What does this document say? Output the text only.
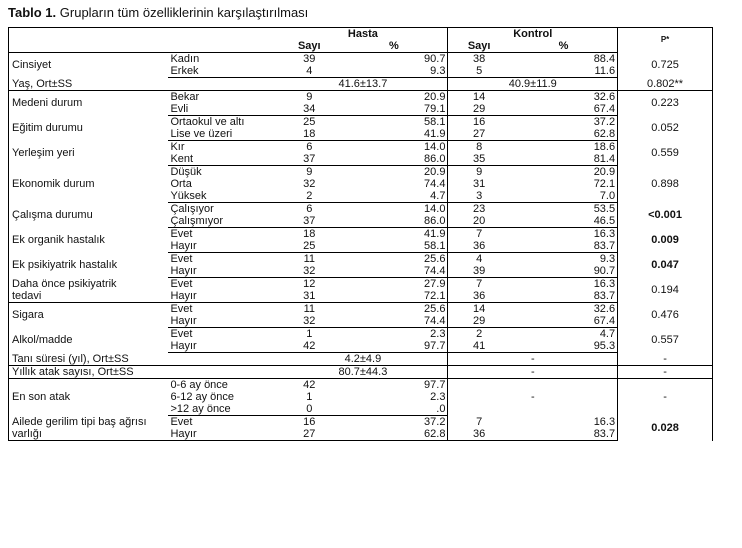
Tablo 1. Grupların tüm özelliklerinin karşılaştırılması
		Hasta		Kontrol		P*
		Sayı	%	Sayı	%	
Cinsiyet	Kadın	39	90.7	38	88.4	0.725
	Erkek	4	9.3	5	11.6	
Yaş, Ort±SS		41.6±13.7		40.9±11.9		0.802**
Medeni durum	Bekar	9	20.9	14	32.6	0.223
	Evli	34	79.1	29	67.4	
Eğitim durumu	Ortaokul ve altı	25	58.1	16	37.2	0.052
	Lise ve üzeri	18	41.9	27	62.8	
Yerleşim yeri	Kır	6	14.0	8	18.6	0.559
	Kent	37	86.0	35	81.4	
Ekonomik durum	Düşük	9	20.9	9	20.9	0.898
	Orta	32	74.4	31	72.1	
	Yüksek	2	4.7	3	7.0	
Çalışma durumu	Çalışıyor	6	14.0	23	53.5	<0.001
	Çalışmıyor	37	86.0	20	46.5	
Ek organik hastalık	Evet	18	41.9	7	16.3	0.009
	Hayır	25	58.1	36	83.7	
Ek psikiyatrik hastalık	Evet	11	25.6	4	9.3	0.047
	Hayır	32	74.4	39	90.7	
Daha önce psikiyatrik	Evet	12	27.9	7	16.3	0.194
tedavi	Hayır	31	72.1	36	83.7	
Sigara	Evet	11	25.6	14	32.6	0.476
	Hayır	32	74.4	29	67.4	
Alkol/madde	Evet	1	2.3	2	4.7	0.557
	Hayır	42	97.7	41	95.3	
Tanı süresi (yıl), Ort±SS		4.2±4.9		-		-
Yıllık atak sayısı, Ort±SS		80.7±44.3		-		-
En son atak	0-6 ay önce	42	97.7	-		-
	6-12 ay önce	1	2.3			
	>12 ay önce	0	.0			
Ailede gerilim tipi baş ağrısı	Evet	16	37.2	7	16.3	0.028
varlığı	Hayır	27	62.8	36	83.7	
